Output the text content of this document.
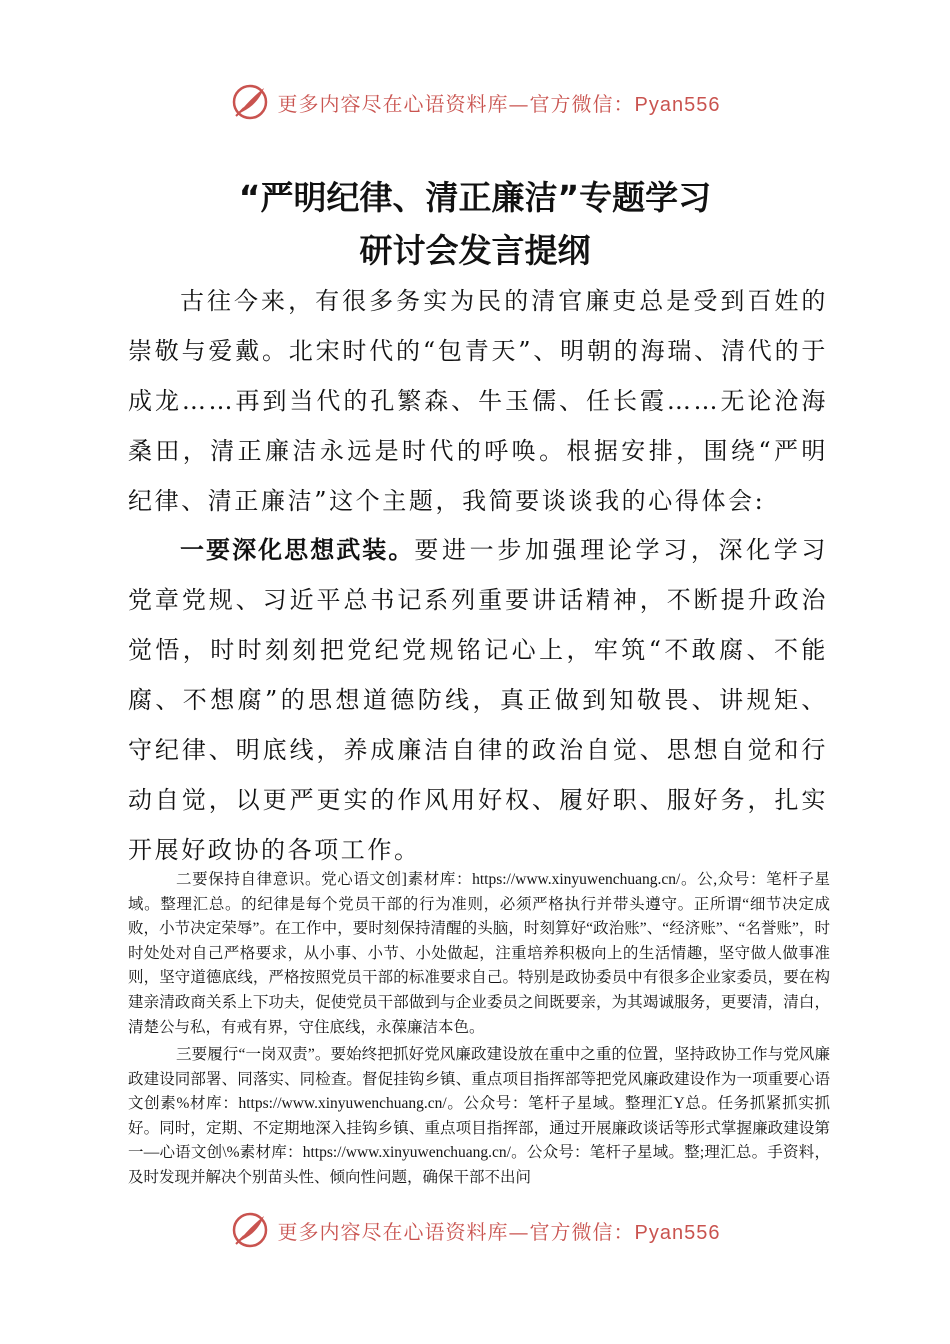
更多内容尽在心语资料库—官方微信：Pyan556
“严明纪律、清正廉洁”专题学习
研讨会发言提纲

古往今来，有很多务实为民的清官廉吏总是受到百姓的崇敬与爱戴。北宋时代的“包青天”、明朝的海瑞、清代的于成龙……再到当代的孔繁森、牛玉儒、任长霞……无论沧海桑田，清正廉洁永远是时代的呼唤。根据安排，围绕“严明纪律、清正廉洁”这个主题，我简要谈谈我的心得体会:

一要深化思想武装。要进一步加强理论学习，深化学习党章党规、习近平总书记系列重要讲话精神，不断提升政治觉悟，时时刻刻把党纪党规铭记心上，牢筑“不敢腐、不能腐、不想腐”的思想道德防线，真正做到知敬畏、讲规矩、守纪律、明底线，养成廉洁自律的政治自觉、思想自觉和行动自觉，以更严更实的作风用好权、履好职、服好务，扎实开展好政协的各项工作。

二要保持自律意识。党心语文创]素材库：https://www.xinyuwenchuang.cn/。公,众号：笔杆子星域。整理汇总。的纪律是每个党员干部的行为准则，必须严格执行并带头遵守。正所谓“细节决定成败，小节决定荣辱”。在工作中，要时刻保持清醒的头脑，时刻算好“政治账”、“经济账”、“名誉账”，时时处处对自己严格要求，从小事、小节、小处做起，注重培养积极向上的生活情趣，坚守做人做事准则，坚守道德底线，严格按照党员干部的标准要求自己。特别是政协委员中有很多企业家委员，要在构建亲清政商关系上下功夫，促使党员干部做到与企业委员之间既要亲，为其竭诚服务，更要清，清白，清楚公与私，有戒有界，守住底线，永葆廉洁本色。

三要履行“一岗双责”。要始终把抓好党风廉政建设放在重中之重的位置，坚持政协工作与党风廉政建设同部署、同落实、同检查。督促挂钩乡镇、重点项目指挥部等把党风廉政建设作为一项重要心语文创素%材库：https://www.xinyuwenchuang.cn/。公众号：笔杆子星域。整理汇Y总。任务抓紧抓实抓好。同时，定期、不定期地深入挂钩乡镇、重点项目指挥部，通过开展廉政谈话等形式掌握廉政建设第一—心语文创\%素材库：https://www.xinyuwenchuang.cn/。公众号：笔杆子星域。整;理汇总。手资料，及时发现并解决个别苗头性、倾向性问题，确保干部不出问

更多内容尽在心语资料库—官方微信：Pyan556
